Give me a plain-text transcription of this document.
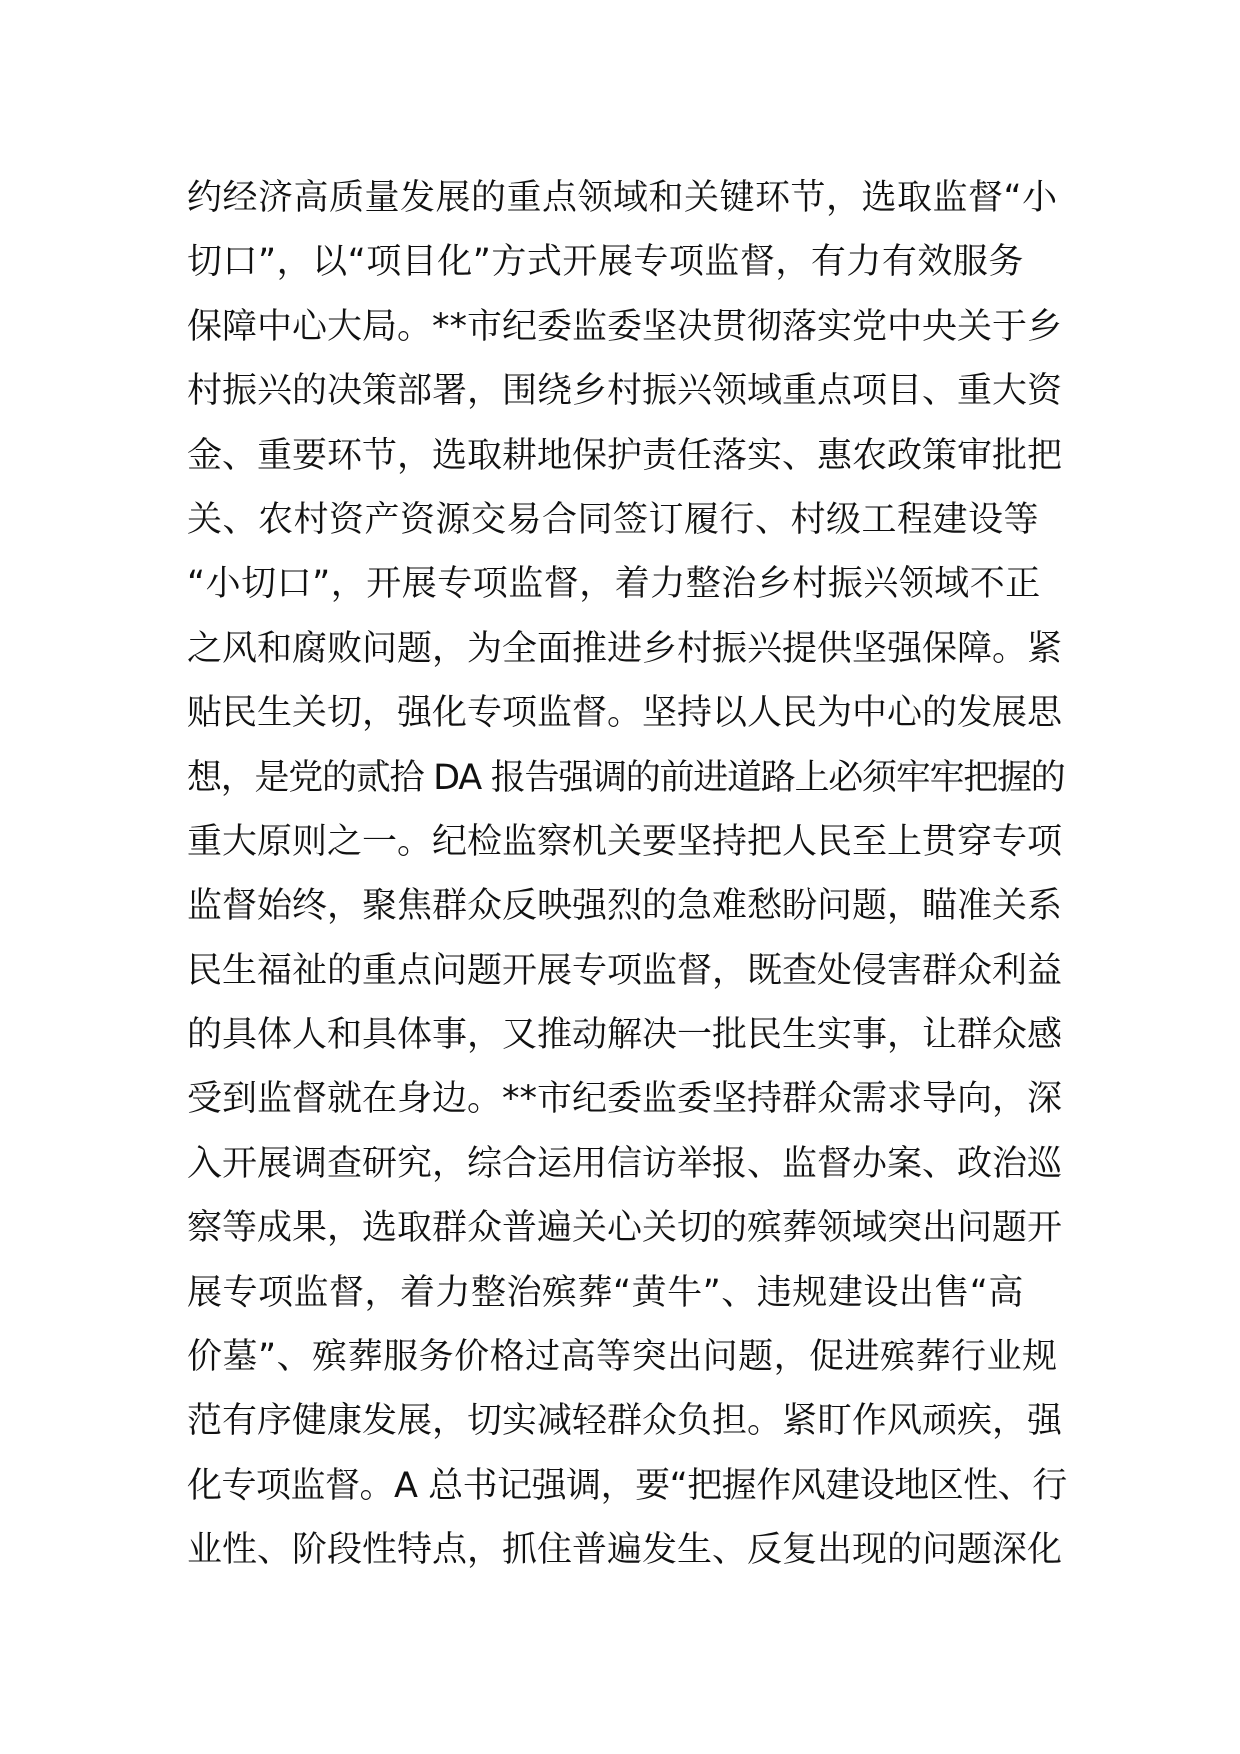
约经济高质量发展的重点领域和关键环节，选取监督“小
切口”，以“项目化”方式开展专项监督，有力有效服务
保障中心大局。**市纪委监委坚决贯彻落实党中央关于乡
村振兴的决策部署，围绕乡村振兴领域重点项目、重大资
金、重要环节，选取耕地保护责任落实、惠农政策审批把
关、农村资产资源交易合同签订履行、村级工程建设等
“小切口”，开展专项监督，着力整治乡村振兴领域不正
之风和腐败问题，为全面推进乡村振兴提供坚强保障。紧
贴民生关切，强化专项监督。坚持以人民为中心的发展思
想，是党的贰拾 DA 报告强调的前进道路上必须牢牢把握的
重大原则之一。纪检监察机关要坚持把人民至上贯穿专项
监督始终，聚焦群众反映强烈的急难愁盼问题，瞄准关系
民生福祉的重点问题开展专项监督，既查处侵害群众利益
的具体人和具体事，又推动解决一批民生实事，让群众感
受到监督就在身边。**市纪委监委坚持群众需求导向，深
入开展调查研究，综合运用信访举报、监督办案、政治巡
察等成果，选取群众普遍关心关切的殡葬领域突出问题开
展专项监督，着力整治殡葬“黄牛”、违规建设出售“高
价墓”、殡葬服务价格过高等突出问题，促进殡葬行业规
范有序健康发展，切实减轻群众负担。紧盯作风顽疾，强
化专项监督。A 总书记强调，要“把握作风建设地区性、行
业性、阶段性特点，抓住普遍发生、反复出现的问题深化
